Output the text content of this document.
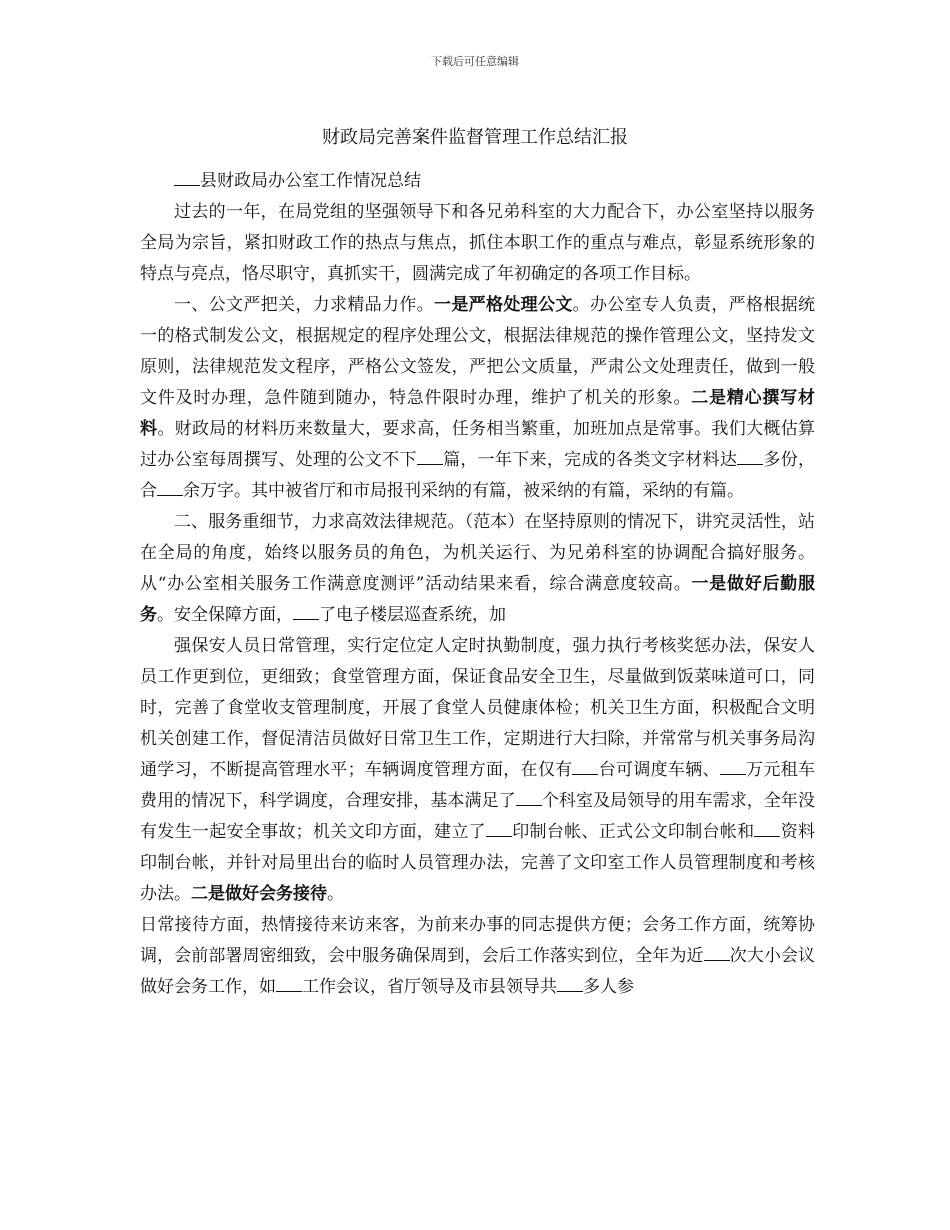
下载后可任意编辑
财政局完善案件监督管理工作总结汇报

县财政局办公室工作情况总结

过去的一年，在局党组的坚强领导下和各兄弟科室的大力配合下，办公室坚持以服务全局为宗旨，紧扣财政工作的热点与焦点，抓住本职工作的重点与难点，彰显系统形象的特点与亮点，恪尽职守，真抓实干，圆满完成了年初确定的各项工作目标。

一、公文严把关，力求精品力作。一是严格处理公文。办公室专人负责，严格根据统一的格式制发公文，根据规定的程序处理公文，根据法律规范的操作管理公文，坚持发文原则，法律规范发文程序，严格公文签发，严把公文质量，严肃公文处理责任，做到一般文件及时办理，急件随到随办，特急件限时办理，维护了机关的形象。二是精心撰写材料。财政局的材料历来数量大，要求高，任务相当繁重，加班加点是常事。我们大概估算过办公室每周撰写、处理的公文不下 篇，一年下来，完成的各类文字材料达 多份，合 余万字。其中被省厅和市局报刊采纳的有篇，被采纳的有篇，采纳的有篇。

二、服务重细节，力求高效法律规范。（范本）在坚持原则的情况下，讲究灵活性，站在全局的角度，始终以服务员的角色，为机关运行、为兄弟科室的协调配合搞好服务。从“办公室相关服务工作满意度测评”活动结果来看，综合满意度较高。一是做好后勤服务。安全保障方面， 了电子楼层巡查系统，加

强保安人员日常管理，实行定位定人定时执勤制度，强力执行考核奖惩办法，保安人员工作更到位，更细致；食堂管理方面，保证食品安全卫生，尽量做到饭菜味道可口，同时，完善了食堂收支管理制度，开展了食堂人员健康体检；机关卫生方面，积极配合文明机关创建工作，督促清洁员做好日常卫生工作，定期进行大扫除，并常常与机关事务局沟通学习，不断提高管理水平；车辆调度管理方面，在仅有 台可调度车辆、 万元租车费用的情况下，科学调度，合理安排，基本满足了 个科室及局领导的用车需求，全年没有发生一起安全事故；机关文印方面，建立了 印制台帐、正式公文印制台帐和 资料印制台帐，并针对局里出台的临时人员管理办法，完善了文印室工作人员管理制度和考核办法。二是做好会务接待。

日常接待方面，热情接待来访来客，为前来办事的同志提供方便；会务工作方面，统筹协调，会前部署周密细致，会中服务确保周到，会后工作落实到位，全年为近 次大小会议做好会务工作，如 工作会议，省厅领导及市县领导共 多人参
